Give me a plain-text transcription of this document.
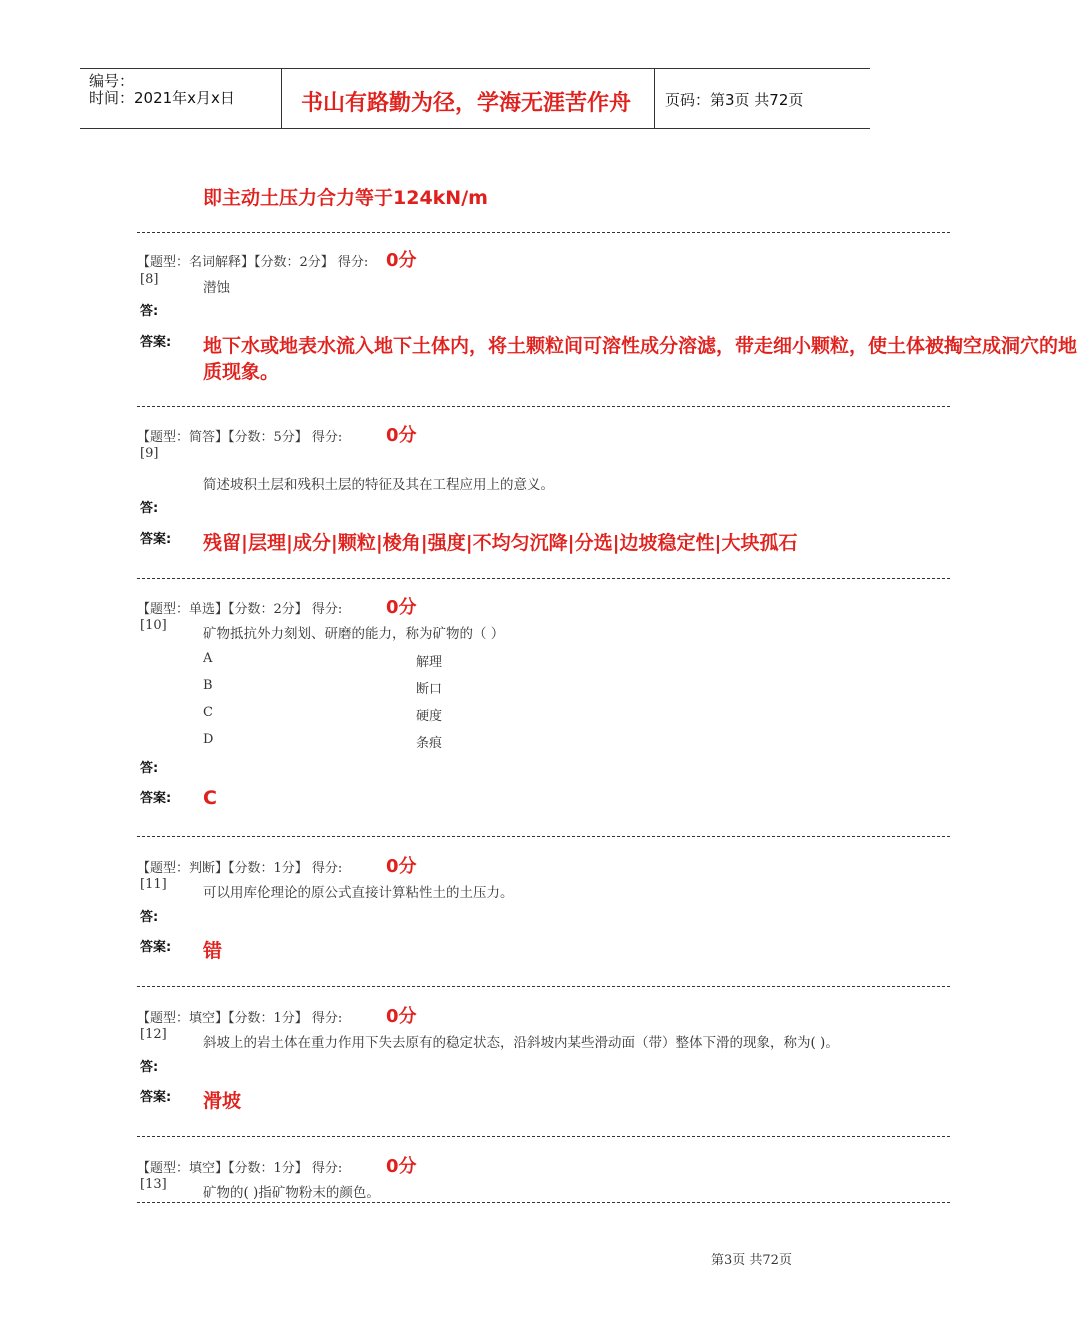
编号：
时间：2021年x月x日	书山有路勤为径，学海无涯苦作舟 页码：第3页 共72页
即主动土压力合力等于124kN/m
【题型：名词解释】【分数：2分】 得分: 0分
[8]
潜蚀
答:
答案: 地下水或地表水流入地下土体内，将土颗粒间可溶性成分溶滤，带走细小颗粒，使土体被掏空成洞穴的地
质现象。
【题型：简答】【分数：5分】 得分: 0分
[9]
简述坡积土层和残积土层的特征及其在工程应用上的意义。
答:
答案: 残留|层理|成分|颗粒|棱角|强度|不均匀沉降|分选|边坡稳定性|大块孤石
【题型：单选】【分数：2分】 得分: 0分
[10]
矿物抵抗外力刻划、研磨的能力，称为矿物的（ ）
A	解理
B	断口
C	硬度
D	条痕
答:
答案: C
【题型：判断】【分数：1分】 得分: 0分
[11]
可以用库伦理论的原公式直接计算粘性土的土压力。
答:
答案: 错
【题型：填空】【分数：1分】 得分: 0分
[12]
斜坡上的岩土体在重力作用下失去原有的稳定状态，沿斜坡内某些滑动面（带）整体下滑的现象，称为( )。
答:
答案: 滑坡
【题型：填空】【分数：1分】 得分: 0分
[13]
矿物的( )指矿物粉末的颜色。
第3页 共72页
